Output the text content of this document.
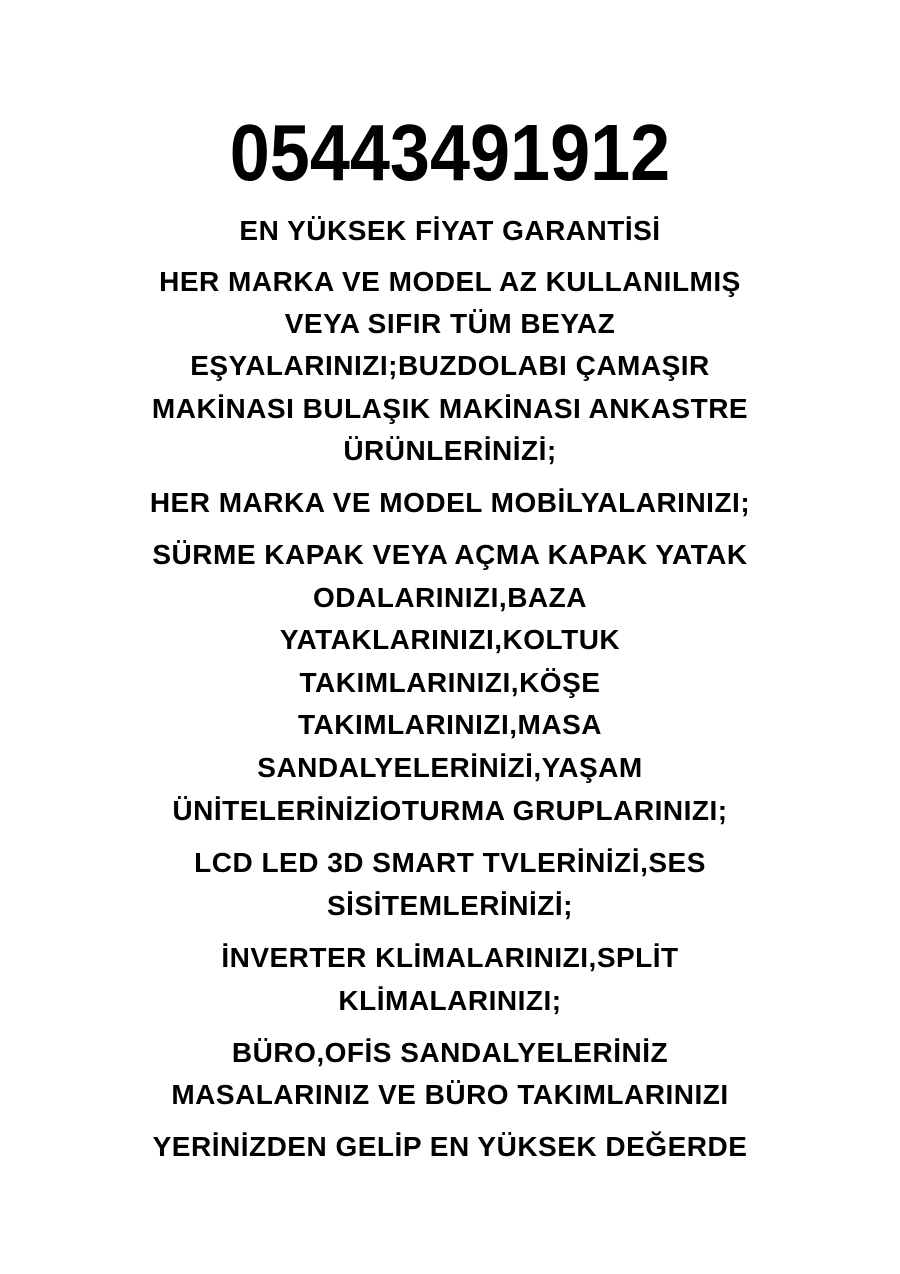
05443491912
EN YÜKSEK FİYAT GARANTİSİ
HER MARKA VE MODEL AZ KULLANILMIŞ
VEYA SIFIR TÜM BEYAZ
EŞYALARINIZI;BUZDOLABI ÇAMAŞIR
MAKİNASI BULAŞIK MAKİNASI ANKASTRE
ÜRÜNLERİNİZİ;
HER MARKA VE MODEL MOBİLYALARINIZI;
SÜRME KAPAK VEYA AÇMA KAPAK YATAK
ODALARINIZI,BAZA
YATAKLARINIZI,KOLTUK
TAKIMLARINIZI,KÖŞE
TAKIMLARINIZI,MASA
SANDALYELERİNİZİ,YAŞAM
ÜNİTELERİNİZİOTURMA GRUPLARINIZI;
LCD LED 3D SMART TVLERİNİZİ,SES
SİSİTEMLERİNİZİ;
İNVERTER KLİMALARINIZI,SPLİT
KLİMALARINIZI;
BÜRO,OFİS SANDALYELERİNİZ
MASALARINIZ VE BÜRO TAKIMLARINIZI
YERİNİZDEN GELİP EN YÜKSEK DEĞERDE
